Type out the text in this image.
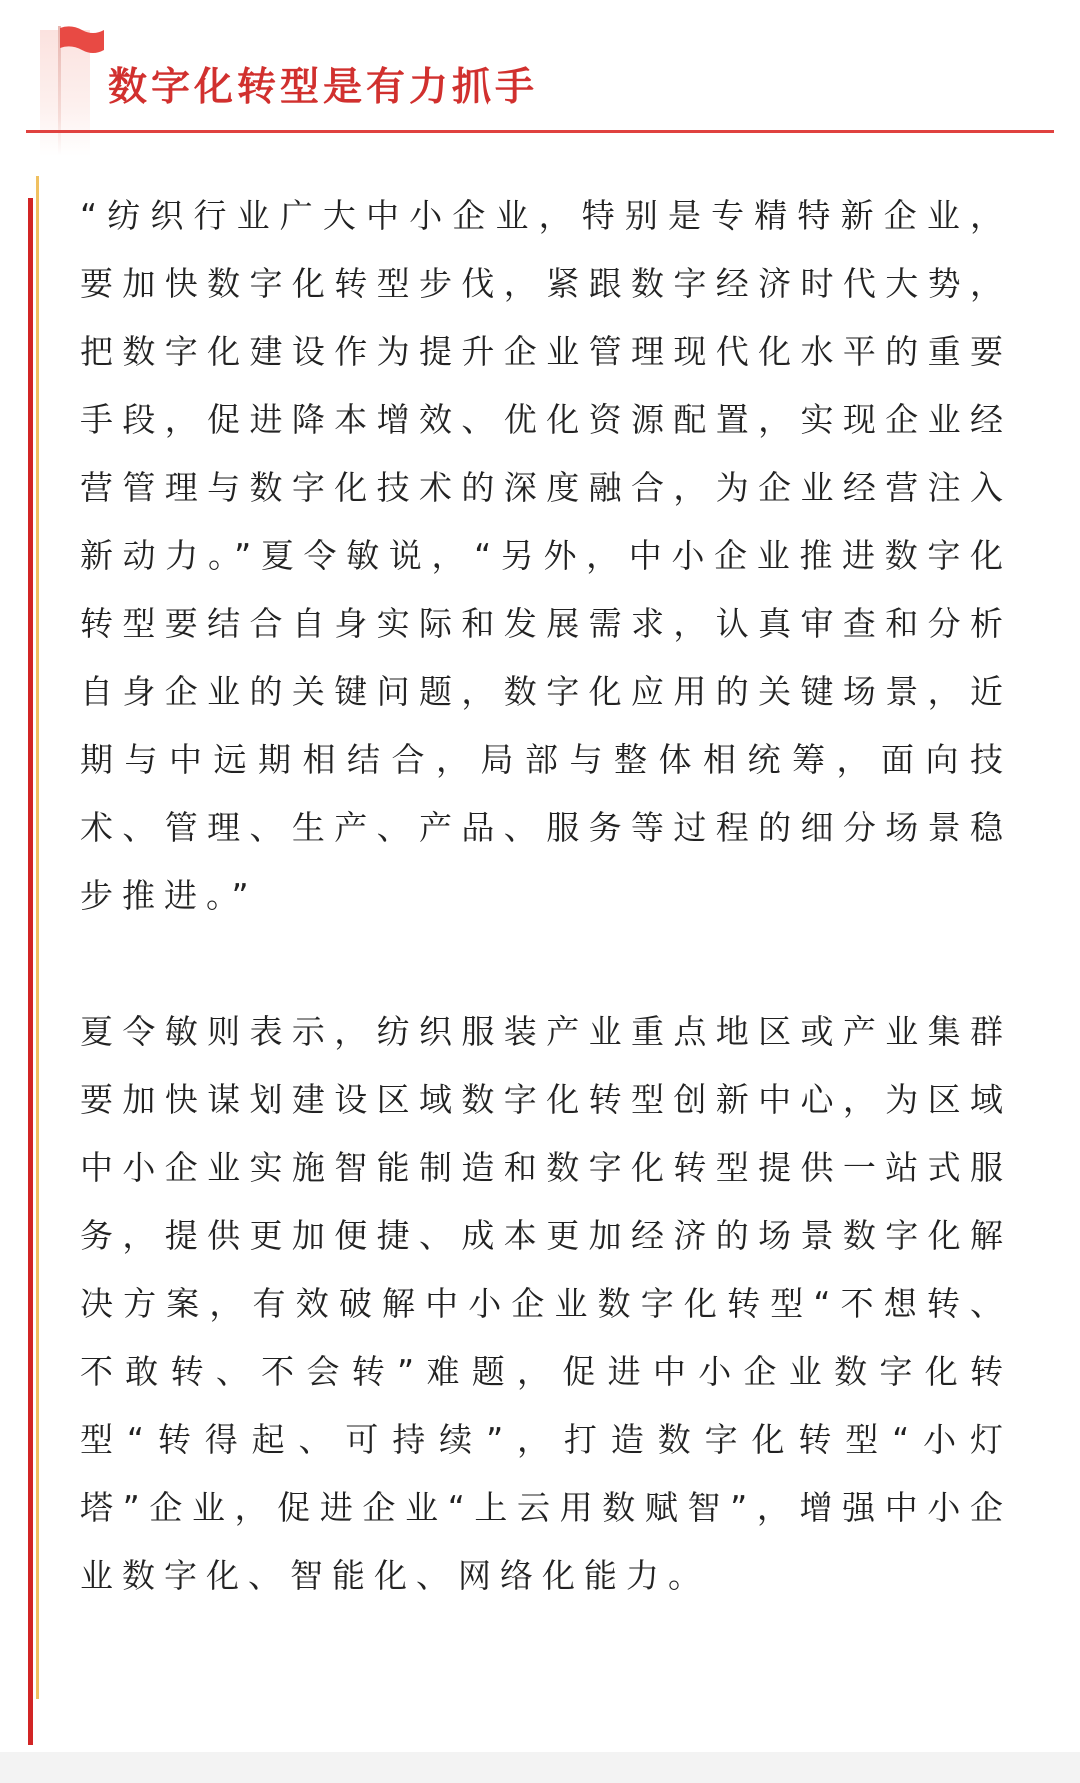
数字化转型是有力抓手

“纺织行业广大中小企业，特别是专精特新企业，要加快数字化转型步伐，紧跟数字经济时代大势，把数字化建设作为提升企业管理现代化水平的重要手段，促进降本增效、优化资源配置，实现企业经营管理与数字化技术的深度融合，为企业经营注入新动力。”夏令敏说，“另外，中小企业推进数字化转型要结合自身实际和发展需求，认真审查和分析自身企业的关键问题，数字化应用的关键场景，近期与中远期相结合，局部与整体相统筹，面向技术、管理、生产、产品、服务等过程的细分场景稳步推进。”

夏令敏则表示，纺织服装产业重点地区或产业集群要加快谋划建设区域数字化转型创新中心，为区域中小企业实施智能制造和数字化转型提供一站式服务，提供更加便捷、成本更加经济的场景数字化解决方案，有效破解中小企业数字化转型“不想转、不敢转、不会转”难题，促进中小企业数字化转型“转得起、可持续”，打造数字化转型“小灯塔”企业，促进企业“上云用数赋智”，增强中小企业数字化、智能化、网络化能力。
